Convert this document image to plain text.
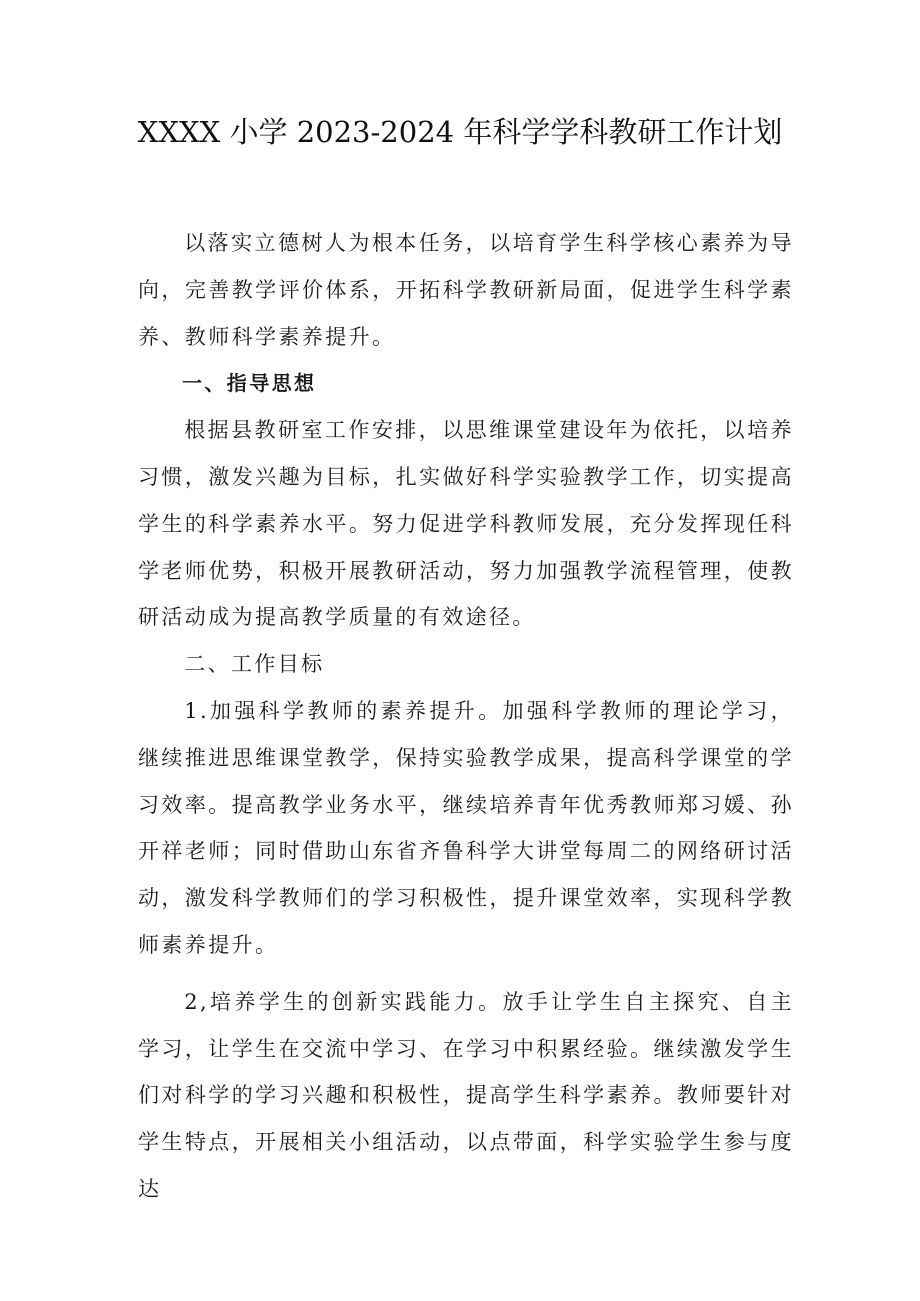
XXXX 小学 2023-2024 年科学学科教研工作计划

以落实立德树人为根本任务，以培育学生科学核心素养为导向，完善教学评价体系，开拓科学教研新局面，促进学生科学素养、教师科学素养提升。

一、指导思想

根据县教研室工作安排，以思维课堂建设年为依托，以培养习惯，激发兴趣为目标，扎实做好科学实验教学工作，切实提高学生的科学素养水平。努力促进学科教师发展，充分发挥现任科学老师优势，积极开展教研活动，努力加强教学流程管理，使教研活动成为提高教学质量的有效途径。

二、工作目标

1.加强科学教师的素养提升。加强科学教师的理论学习，继续推进思维课堂教学，保持实验教学成果，提高科学课堂的学习效率。提高教学业务水平，继续培养青年优秀教师郑习媛、孙开祥老师；同时借助山东省齐鲁科学大讲堂每周二的网络研讨活动，激发科学教师们的学习积极性，提升课堂效率，实现科学教师素养提升。

2,培养学生的创新实践能力。放手让学生自主探究、自主学习，让学生在交流中学习、在学习中积累经验。继续激发学生们对科学的学习兴趣和积极性，提高学生科学素养。教师要针对学生特点，开展相关小组活动，以点带面，科学实验学生参与度达
